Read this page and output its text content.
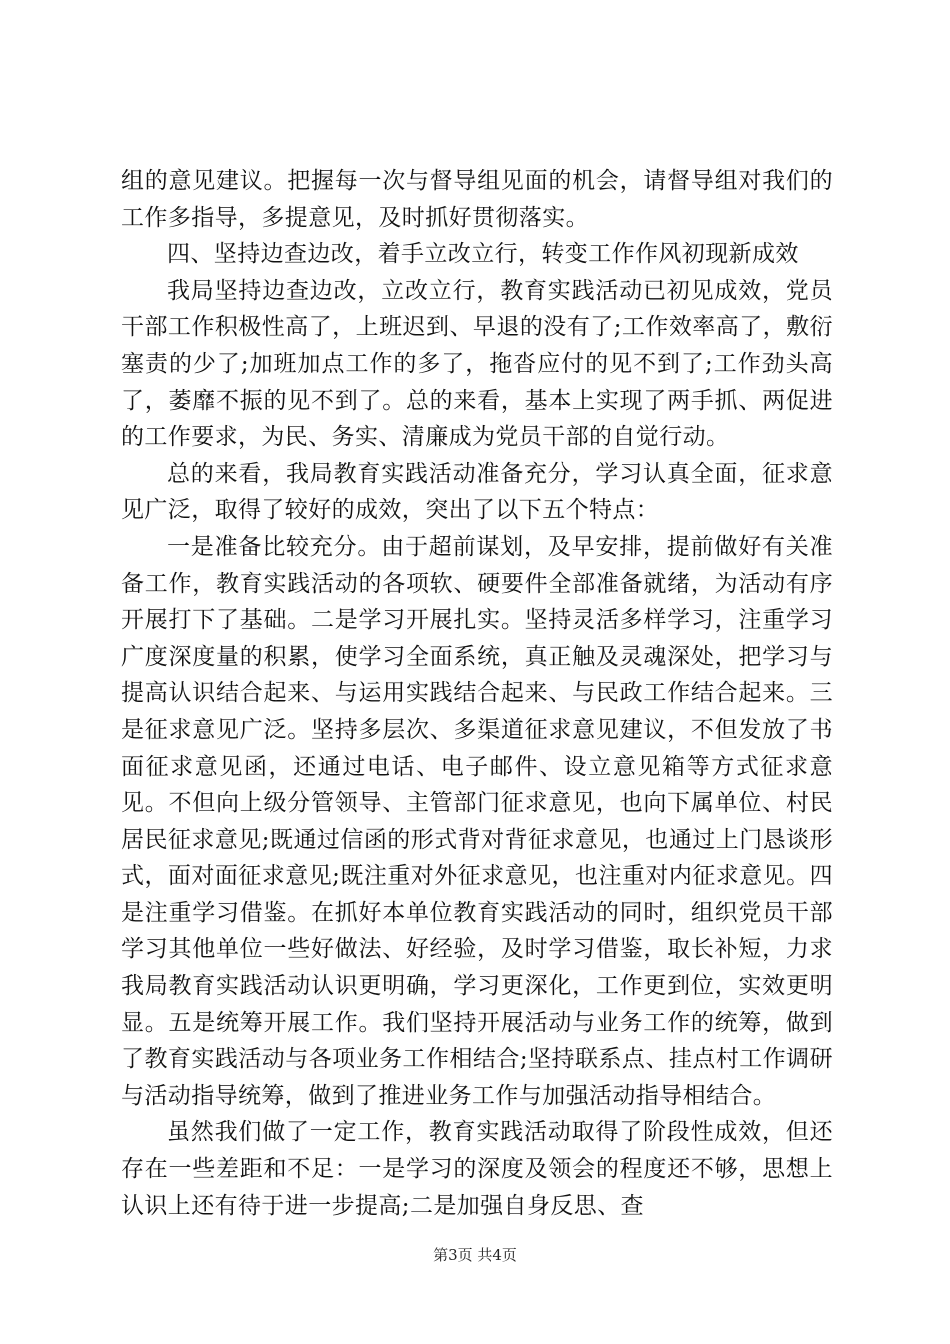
组的意见建议。把握每一次与督导组见面的机会，请督导组对我们的工作多指导，多提意见，及时抓好贯彻落实。

四、坚持边查边改，着手立改立行，转变工作作风初现新成效

我局坚持边查边改，立改立行，教育实践活动已初见成效，党员干部工作积极性高了，上班迟到、早退的没有了;工作效率高了，敷衍塞责的少了;加班加点工作的多了，拖沓应付的见不到了;工作劲头高了，萎靡不振的见不到了。总的来看，基本上实现了两手抓、两促进的工作要求，为民、务实、清廉成为党员干部的自觉行动。

总的来看，我局教育实践活动准备充分，学习认真全面，征求意见广泛，取得了较好的成效，突出了以下五个特点：

一是准备比较充分。由于超前谋划，及早安排，提前做好有关准备工作，教育实践活动的各项软、硬要件全部准备就绪，为活动有序开展打下了基础。二是学习开展扎实。坚持灵活多样学习，注重学习广度深度量的积累，使学习全面系统，真正触及灵魂深处，把学习与提高认识结合起来、与运用实践结合起来、与民政工作结合起来。三是征求意见广泛。坚持多层次、多渠道征求意见建议，不但发放了书面征求意见函，还通过电话、电子邮件、设立意见箱等方式征求意见。不但向上级分管领导、主管部门征求意见，也向下属单位、村民居民征求意见;既通过信函的形式背对背征求意见，也通过上门恳谈形式，面对面征求意见;既注重对外征求意见，也注重对内征求意见。四是注重学习借鉴。在抓好本单位教育实践活动的同时，组织党员干部学习其他单位一些好做法、好经验，及时学习借鉴，取长补短，力求我局教育实践活动认识更明确，学习更深化，工作更到位，实效更明显。五是统筹开展工作。我们坚持开展活动与业务工作的统筹，做到了教育实践活动与各项业务工作相结合;坚持联系点、挂点村工作调研与活动指导统筹，做到了推进业务工作与加强活动指导相结合。

虽然我们做了一定工作，教育实践活动取得了阶段性成效，但还存在一些差距和不足：一是学习的深度及领会的程度还不够，思想上认识上还有待于进一步提高;二是加强自身反思、查

第3页 共4页
